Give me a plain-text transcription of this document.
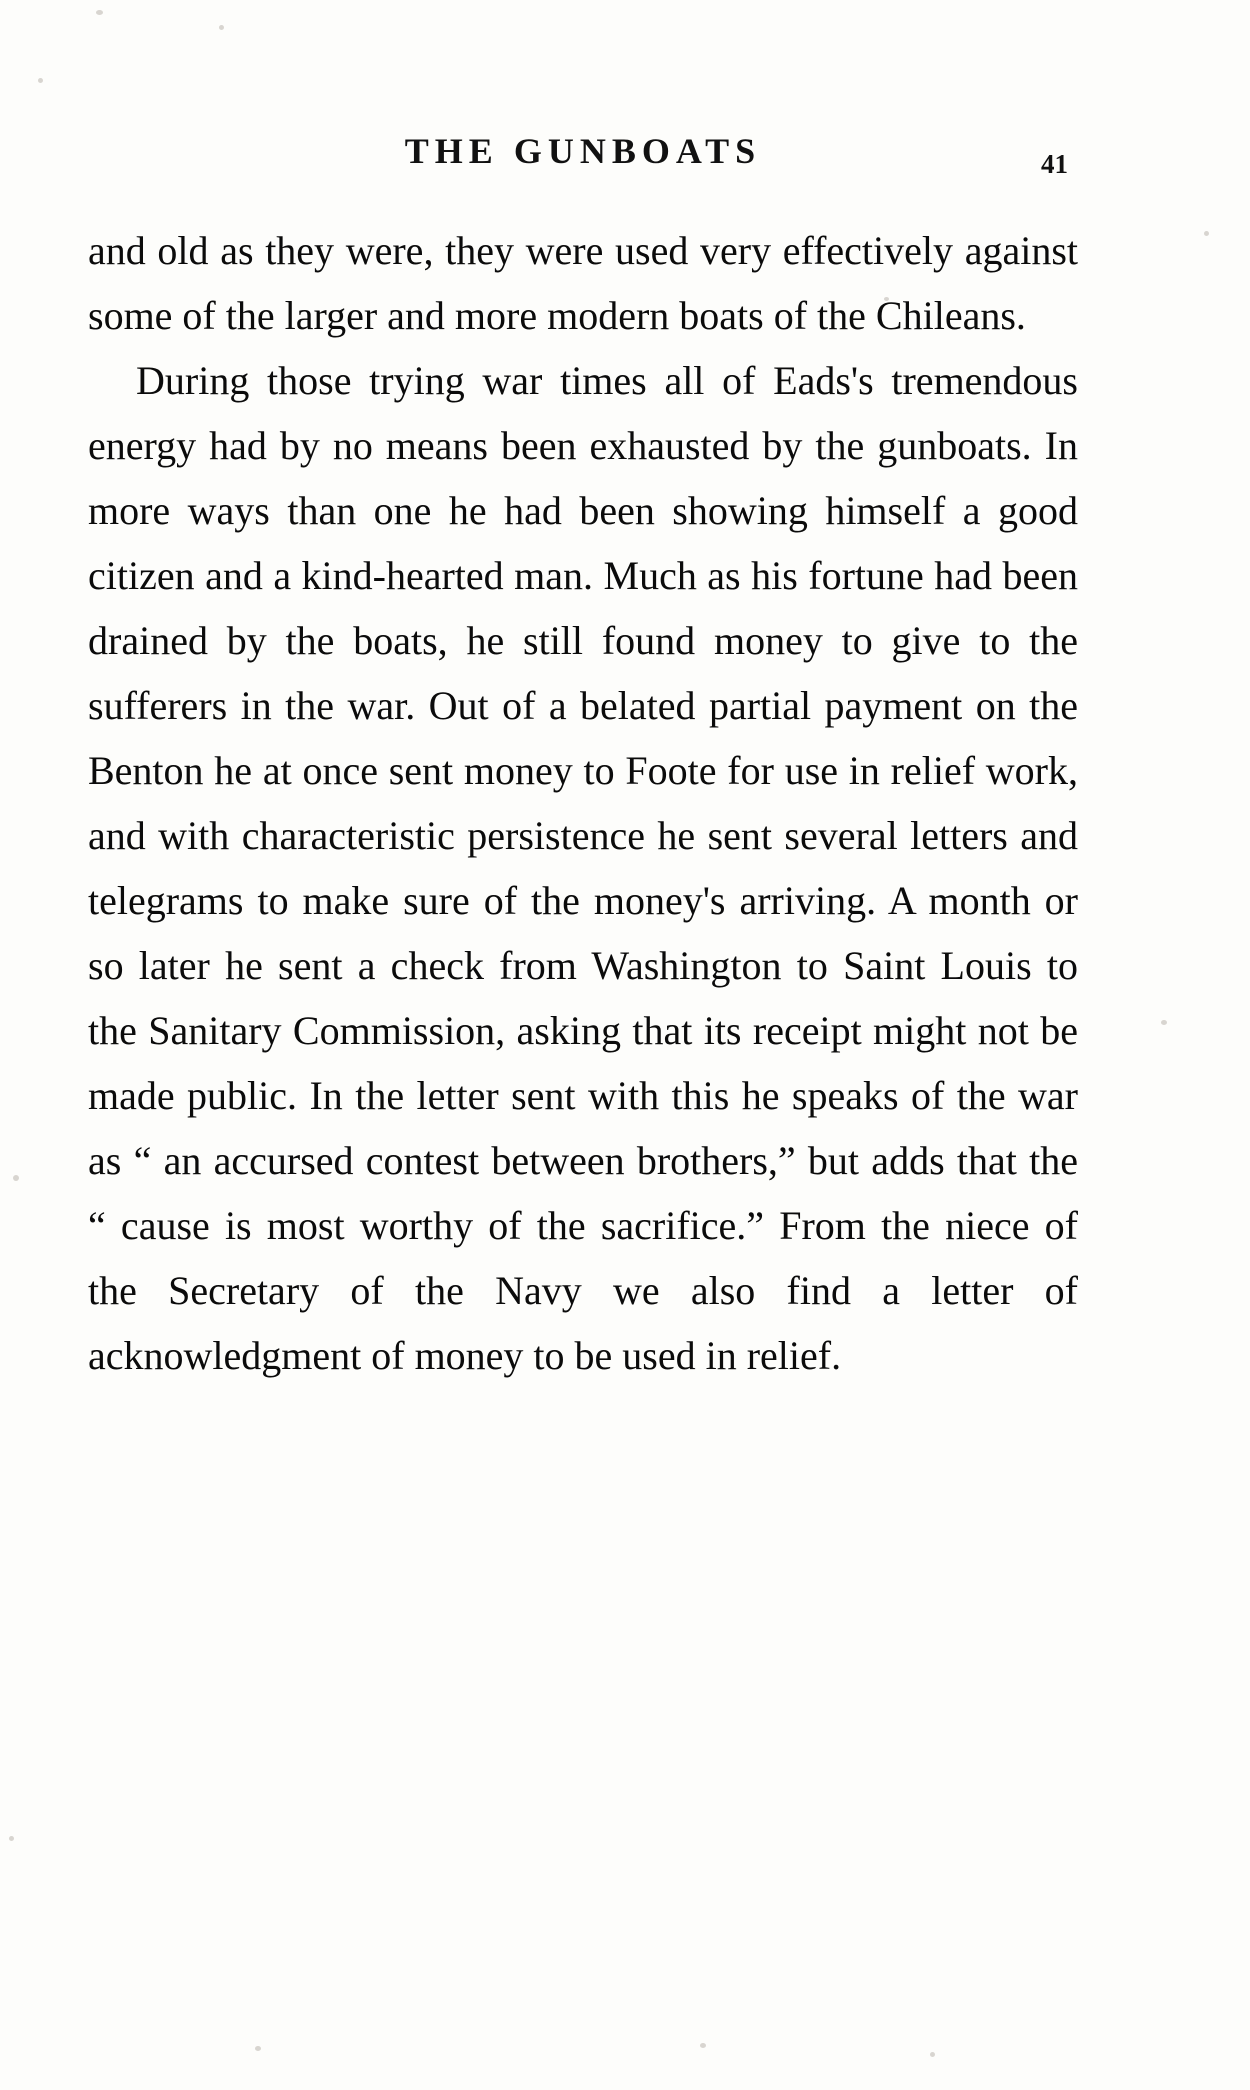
THE GUNBOATS	41

and old as they were, they were used very effectively against some of the larger and more modern boats of the Chileans.

During those trying war times all of Eads's tremendous energy had by no means been exhausted by the gunboats. In more ways than one he had been showing himself a good citizen and a kind-hearted man. Much as his fortune had been drained by the boats, he still found money to give to the sufferers in the war. Out of a belated partial payment on the Benton he at once sent money to Foote for use in relief work, and with characteristic persistence he sent several letters and telegrams to make sure of the money's arriving. A month or so later he sent a check from Washington to Saint Louis to the Sanitary Commission, asking that its receipt might not be made public. In the letter sent with this he speaks of the war as “ an accursed contest between brothers,” but adds that the “ cause is most worthy of the sacrifice.” From the niece of the Secretary of the Navy we also find a letter of acknowledgment of money to be used in relief.
